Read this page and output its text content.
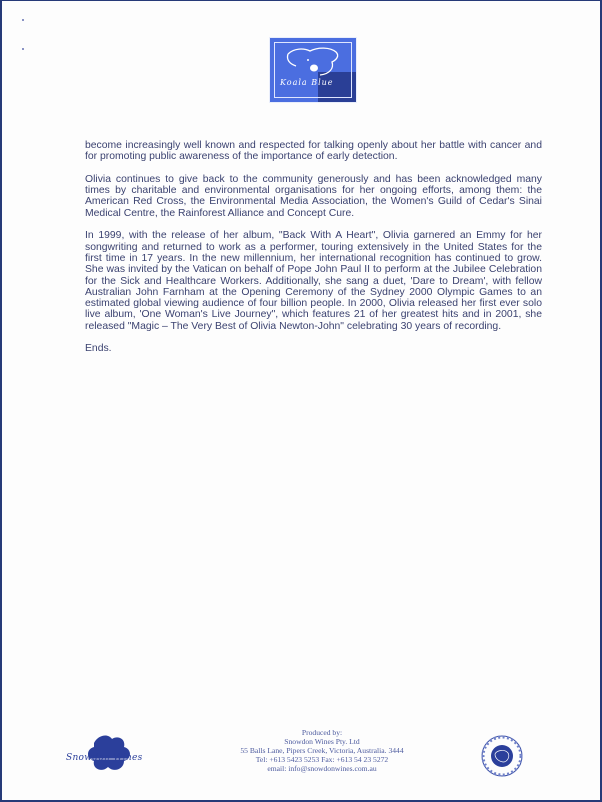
Koala Blue

become increasingly well known and respected for talking openly about her battle with cancer and for promoting public awareness of the importance of early detection.

Olivia continues to give back to the community generously and has been acknowledged many times by charitable and environmental organisations for her ongoing efforts, among them: the American Red Cross, the Environmental Media Association, the Women's Guild of Cedar's Sinai Medical Centre, the Rainforest Alliance and Concept Cure.

In 1999, with the release of her album, "Back With A Heart", Olivia garnered an Emmy for her songwriting and returned to work as a performer, touring extensively in the United States for the first time in 17 years. In the new millennium, her international recognition has continued to grow. She was invited by the Vatican on behalf of Pope John Paul II to perform at the Jubilee Celebration for the Sick and Healthcare Workers. Additionally, she sang a duet, 'Dare to Dream', with fellow Australian John Farnham at the Opening Ceremony of the Sydney 2000 Olympic Games to an estimated global viewing audience of four billion people. In 2000, Olivia released her first ever solo live album, 'One Woman's Live Journey", which features 21 of her greatest hits and in 2001, she released "Magic – The Very Best of Olivia Newton-John" celebrating 30 years of recording.

Ends.

Snowdon Wines
Produced by:
Snowdon Wines Pty. Ltd
55 Balls Lane, Pipers Creek, Victoria, Australia. 3444
Tel: +613 5423 5253 Fax: +613 54 23 5272
email: info@snowdonwines.com.au
